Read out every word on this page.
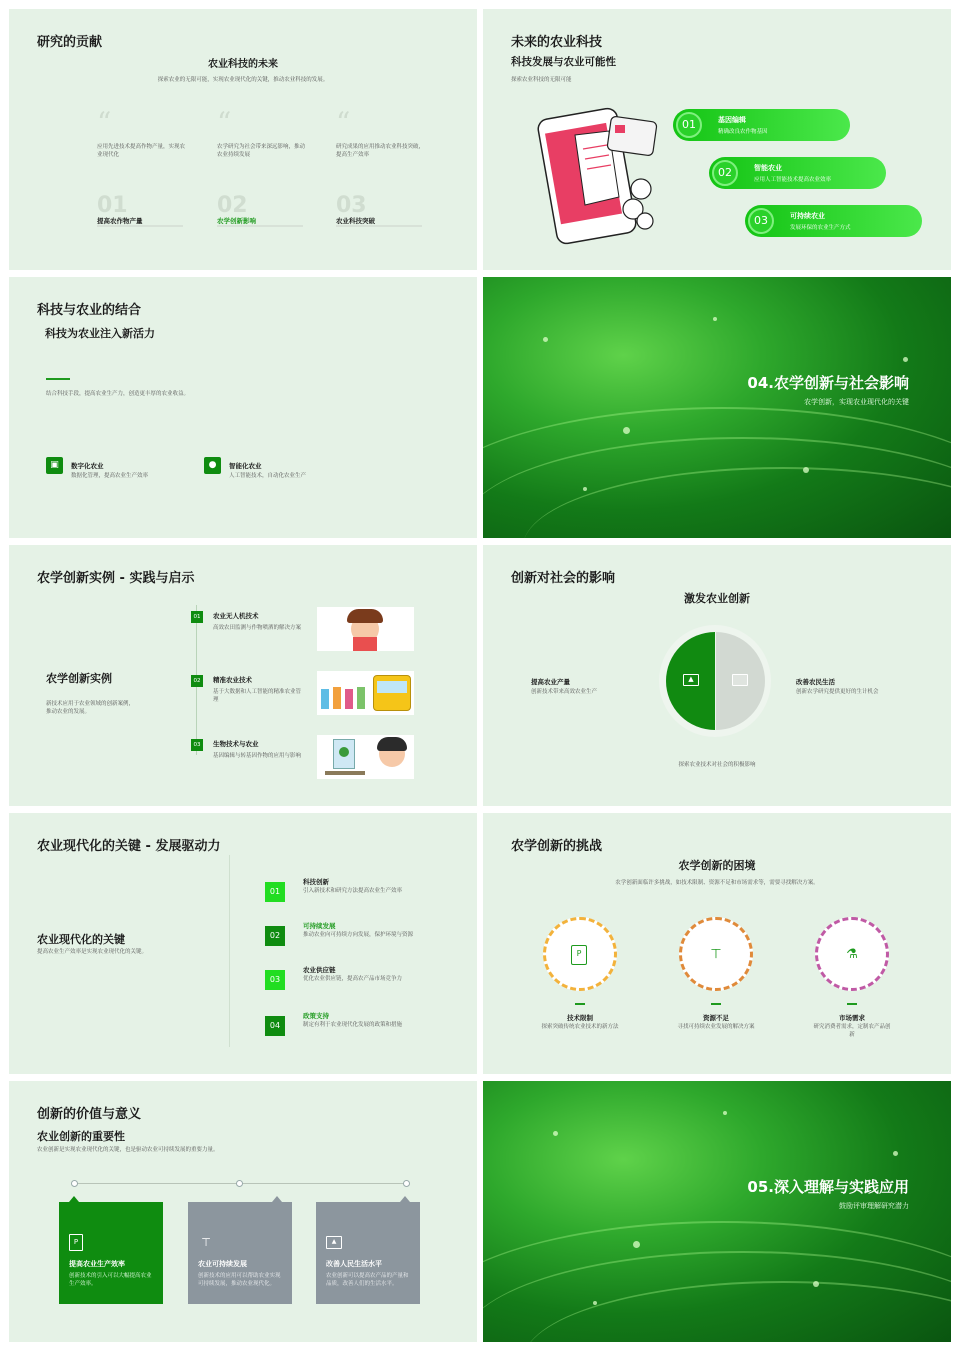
研究的贡献
农业科技的未来
探索农业的无限可能，实现农业现代化的关键，推动农业科技的发展。
“
应用先进技术提高作物产量，实现农业现代化
01
提高农作物产量
“
农学研究为社会带来深远影响，推动农业持续发展
02
农学创新影响
“
研究成果的应用推动农业科技突破，提高生产效率
03
农业科技突破
未来的农业科技
科技发展与农业可能性
探索农业科技的无限可能
01	基因编辑
精确改良农作物基因
02	智能农业
应用人工智能技术提高农业效率
03	可持续农业
发展环保的农业生产方式
科技与农业的结合
科技为农业注入新活力
结合科技手段，提高农业生产力，创造更丰厚的农业收益。
▣	数字化农业
数据化管理，提高农业生产效率
●	智能化农业
人工智能技术，自动化农业生产
04.农学创新与社会影响
农学创新，实现农业现代化的关键
农学创新实例 - 实践与启示
农学创新实例
新技术应用于农业领域的创新案例，推动农业的发展。
01	农业无人机技术
高效农田监测与作物喷洒的解决方案
02	精准农业技术
基于大数据和人工智能的精准农业管理
03	生物技术与农业
基因编辑与转基因作物的应用与影响
创新对社会的影响
激发农业创新
▲
提高农业产量
创新技术带来高效农业生产
改善农民生活
创新农学研究提供更好的生计机会
探索农业技术对社会的积极影响
农业现代化的关键 - 发展驱动力
农业现代化的关键
提高农业生产效率是实现农业现代化的关键。
01
科技创新
引入新技术和研究方法提高农业生产效率
02
可持续发展
推动农业向可持续方向发展，保护环境与资源
03
农业供应链
优化农业供应链，提高农产品市场竞争力
04
政策支持
制定有利于农业现代化发展的政策和措施
农学创新的挑战
农学创新的困境
农学创新面临许多挑战，如技术限制、资源不足和市场需求等，需要寻找解决方案。
P
技术限制
探索突破传统农业技术的新方法
⊤
资源不足
寻找可持续农业发展的解决方案
⚗
市场需求
研究消费者需求，定制农产品创新
创新的价值与意义
农业创新的重要性
农业创新是实现农业现代化的关键，也是驱动农业可持续发展的重要力量。
P
提高农业生产效率
创新技术的引入可以大幅提高农业生产效率。
⊤
农业可持续发展
创新技术的应用可以帮助农业实现可持续发展，推动农业现代化。
▲
改善人民生活水平
农业创新可以提高农产品的产量和品质，改善人们的生活水平。
05.深入理解与实践应用
鼓励评审理解研究潜力
